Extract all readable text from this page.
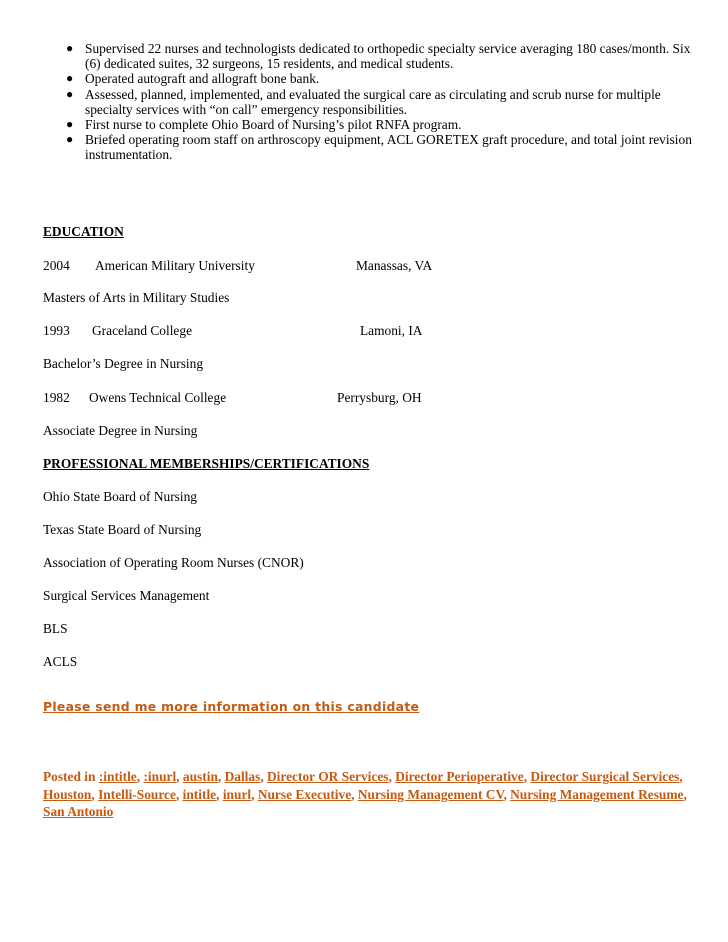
● Supervised 22 nurses and technologists dedicated to orthopedic specialty service averaging 180 cases/month. Six (6) dedicated suites, 32 surgeons, 15 residents, and medical students.
● Operated autograft and allograft bone bank.
● Assessed, planned, implemented, and evaluated the surgical care as circulating and scrub nurse for multiple specialty services with “on call” emergency responsibilities.
● First nurse to complete Ohio Board of Nursing’s pilot RNFA program.
● Briefed operating room staff on arthroscopy equipment, ACL GORETEX graft procedure, and total joint revision instrumentation.
EDUCATION
2004 American Military University	Manassas, VA
Masters of Arts in Military Studies
1993 Graceland College	Lamoni, IA
Bachelor’s Degree in Nursing
1982 Owens Technical College	Perrysburg, OH
Associate Degree in Nursing
PROFESSIONAL MEMBERSHIPS/CERTIFICATIONS
Ohio State Board of Nursing
Texas State Board of Nursing
Association of Operating Room Nurses (CNOR)
Surgical Services Management
BLS
ACLS
Please send me more information on this candidate
Posted in :intitle, :inurl, austin, Dallas, Director OR Services, Director Perioperative, Director Surgical Services, Houston, Intelli-Source, intitle, inurl, Nurse Executive, Nursing Management CV, Nursing Management Resume, San Antonio
